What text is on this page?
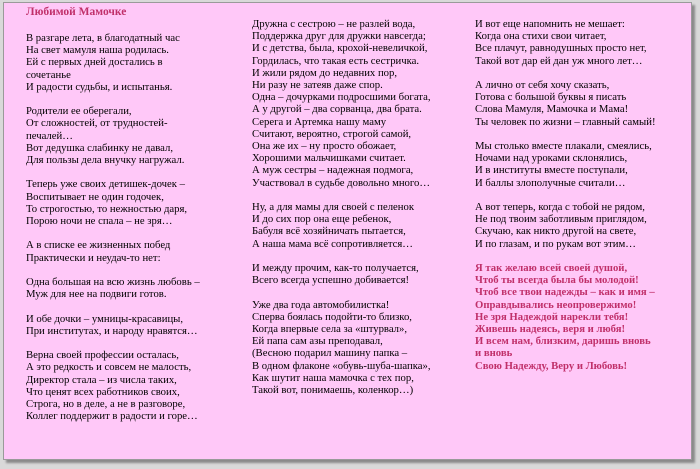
Любимой Мамочке
В разгаре лета, в благодатный час
На свет мамуля наша родилась.
Ей с первых дней достались в
сочетанье
И радости судьбы, и испытанья.
Родители ее оберегали,
От сложностей, от трудностей-
печалей…
Вот дедушка слабинку не давал,
Для пользы дела внучку нагружал.
Теперь уже своих детишек-дочек –
Воспитывает не один годочек,
То строгостью, то нежностью даря,
Порою ночи не спала – не зря…
А в списке ее жизненных побед
Практически и неудач-то нет:
Одна большая на всю жизнь любовь –
Муж для нее на подвиги готов.
И обе дочки – умницы-красавицы,
При институтах, и народу нравятся…
Верна своей профессии осталась,
А это редкость и совсем не малость,
Директор стала – из числа таких,
Что ценят всех работников своих,
Строга, но в деле, а не в разговоре,
Коллег поддержит в радости и горе…
Дружна с сестрою – не разлей вода,
Поддержка друг для дружки навсегда;
И с детства, была, крохой-невеличкой,
Гордилась, что такая есть сестричка.
И жили рядом до недавних пор,
Ни разу не затеяв даже спор.
Одна – дочурками подросшими богата,
А у другой – два сорванца, два брата.
Серега и Артемка нашу маму
Считают, вероятно, строгой самой,
Она же их – ну просто обожает,
Хорошими мальчишками считает.
А муж сестры – надежная подмога,
Участвовал в судьбе довольно много…
Ну, а для мамы для своей с пеленок
И до сих пор она еще ребенок,
Бабуля всё хозяйничать пытается,
А наша мама всё сопротивляется…
И между прочим, как-то получается,
Всего всегда успешно добивается!
Уже два года автомобилистка!
Сперва боялась подойти-то близко,
Когда впервые села за «штурвал»,
Ей папа сам азы преподавал,
(Весною подарил машину папка –
В одном флаконе «обувь-шуба-шапка»,
Как шутит наша мамочка с тех пор,
Такой вот, понимаешь, коленкор…)
И вот еще напомнить не мешает:
Когда она стихи свои читает,
Все плачут, равнодушных просто нет,
Такой вот дар ей дан уж много лет…
А лично от себя хочу сказать,
Готова с большой буквы я писать
Слова Мамуля, Мамочка и Мама!
Ты человек по жизни – главный самый!
Мы столько вместе плакали, смеялись,
Ночами над уроками склонялись,
И в институты вместе поступали,
И баллы злополучные считали…
А вот теперь, когда с тобой не рядом,
Не под твоим заботливым приглядом,
Скучаю, как никто другой на свете,
И по глазам, и по рукам вот этим…
Я так желаю всей своей душой,
Чтоб ты всегда была бы молодой!
Чтоб все твои надежды – как и имя –
Оправдывались неопровержимо!
Не зря Надеждой нарекли тебя!
Живешь надеясь, веря и любя!
И всем нам, близким, даришь вновь
и вновь
Свою Надежду, Веру и Любовь!
